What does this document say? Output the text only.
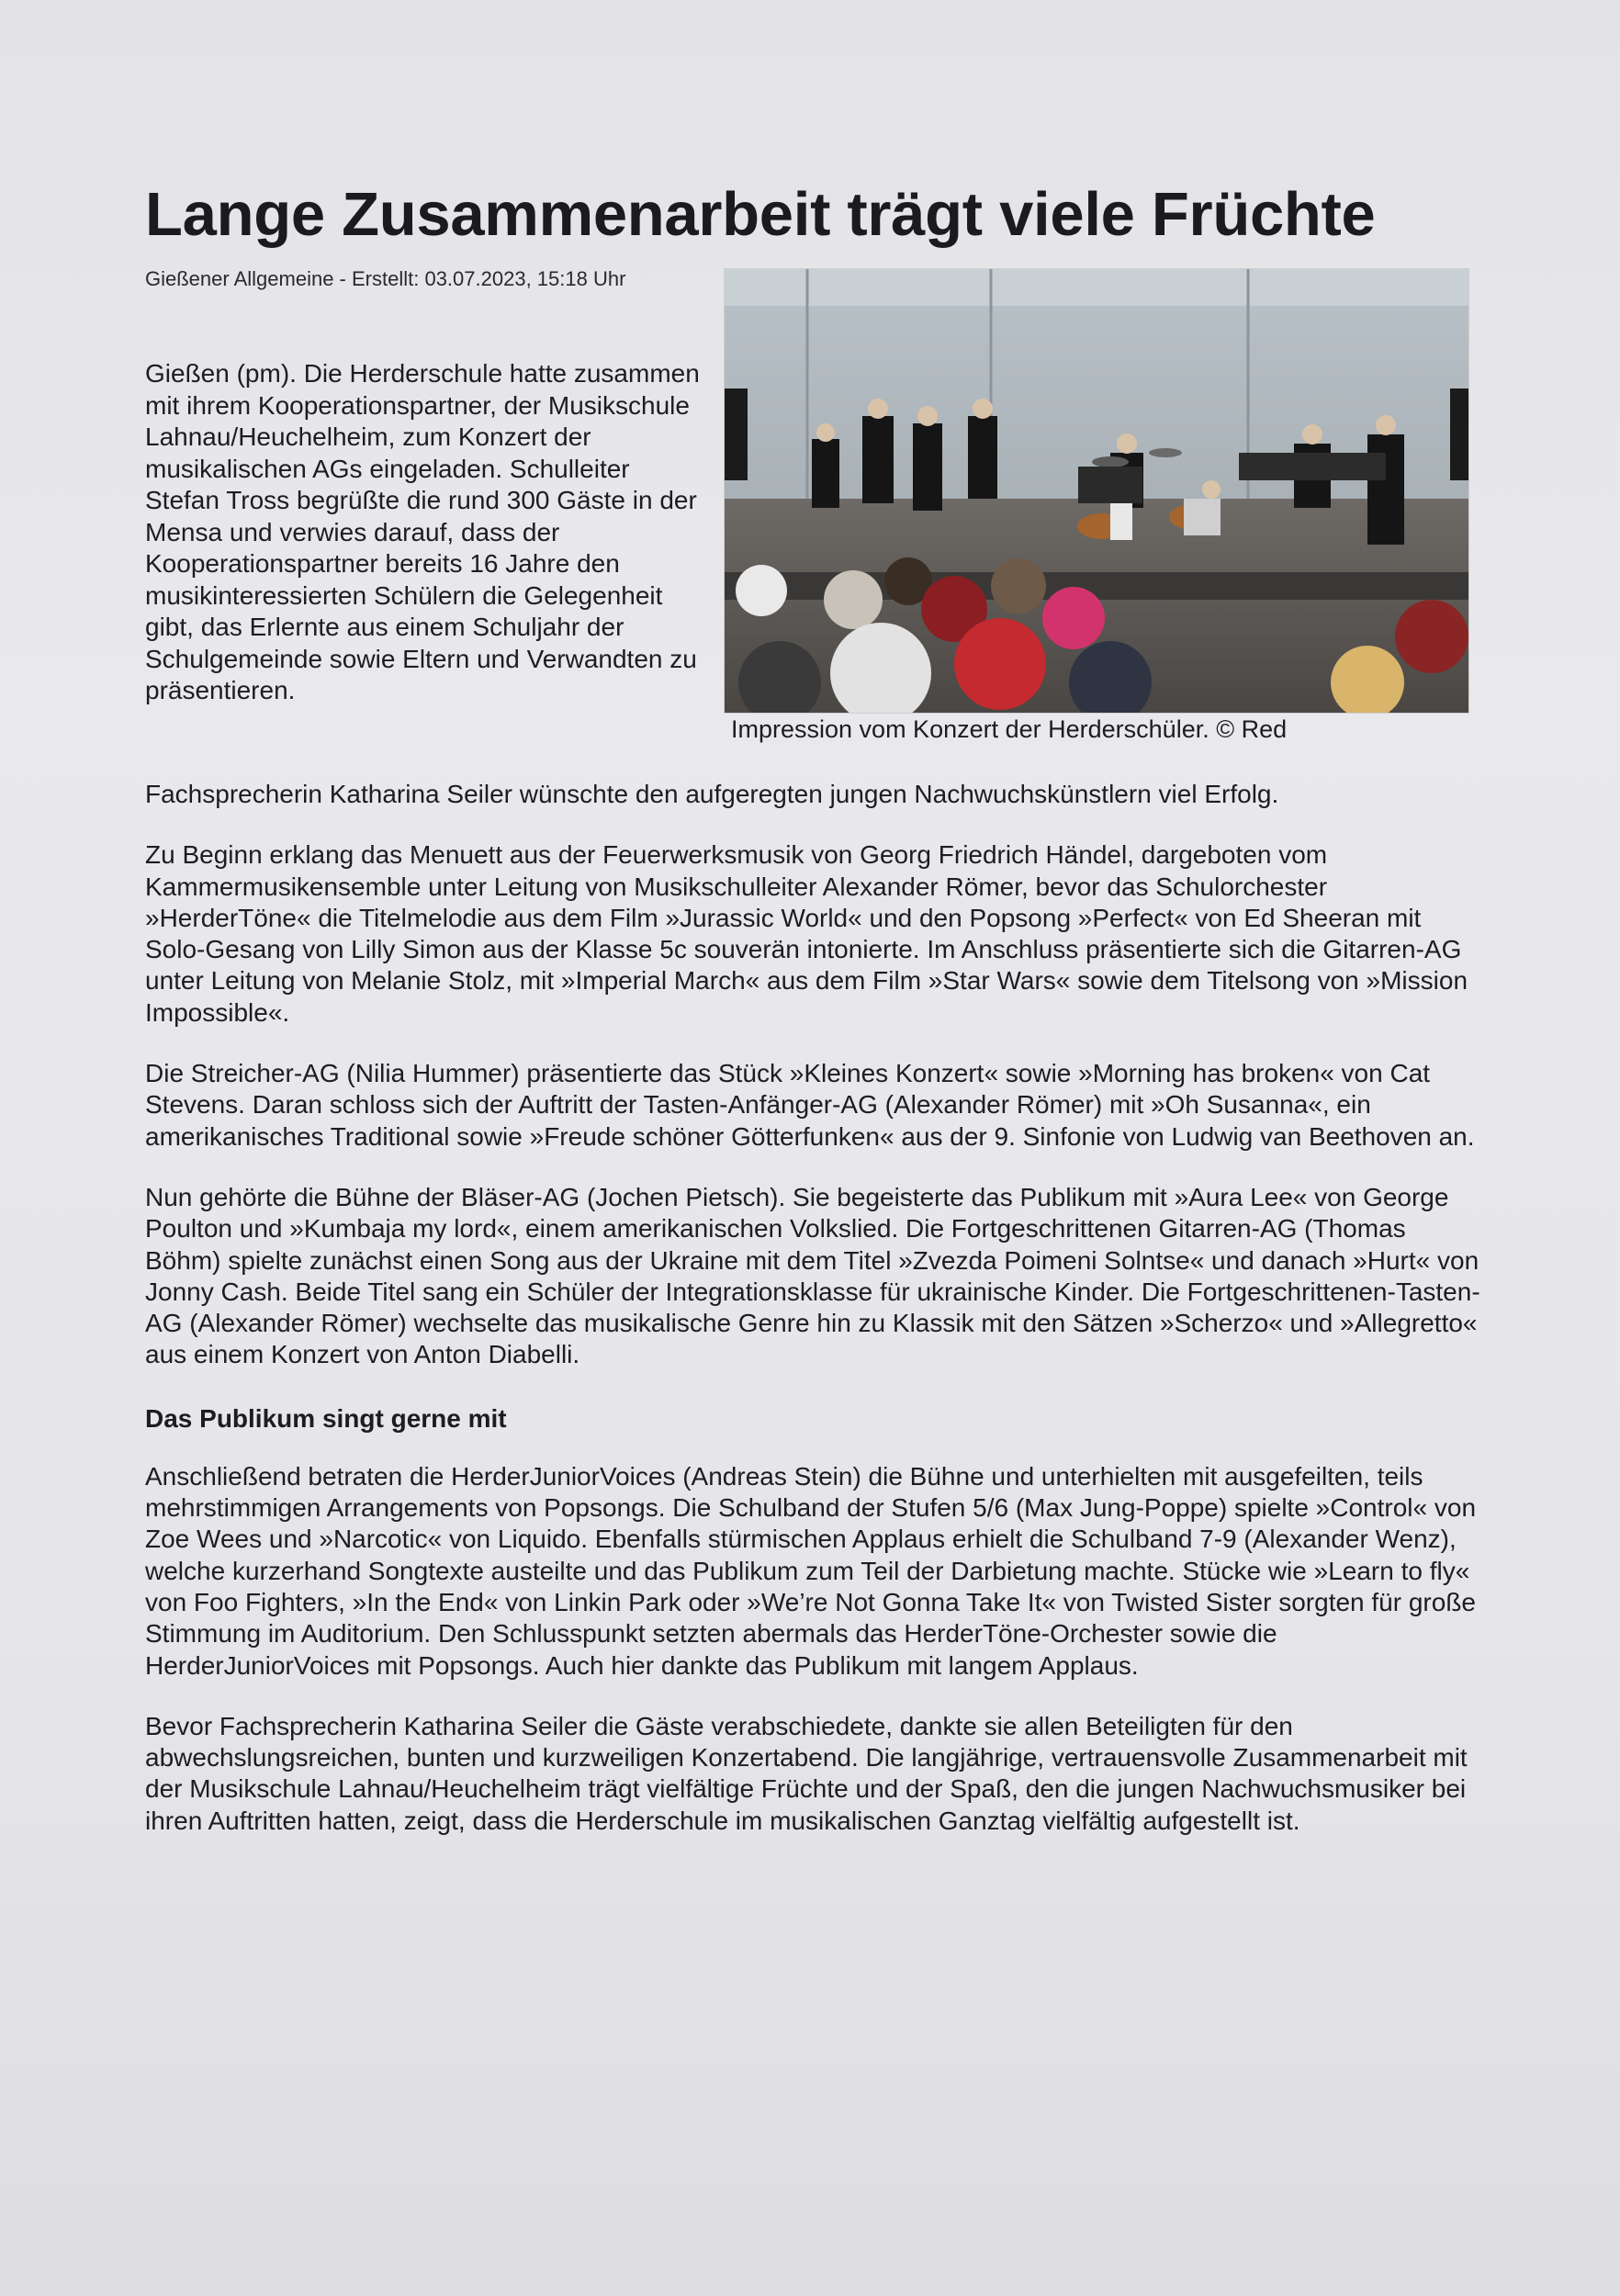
Lange Zusammenarbeit trägt viele Früchte
Gießener Allgemeine - Erstellt: 03.07.2023, 15:18 Uhr
Gießen (pm). Die Herderschule hatte zusammen mit ihrem Kooperationspartner, der Musikschule Lahnau/Heuchelheim, zum Konzert der musikalischen AGs eingeladen. Schulleiter Stefan Tross begrüßte die rund 300 Gäste in der Mensa und verwies darauf, dass der Kooperationspartner bereits 16 Jahre den musikinteressierten Schülern die Gelegenheit gibt, das Erlernte aus einem Schuljahr der Schulgemeinde sowie Eltern und Verwandten zu präsentieren.
Impression vom Konzert der Herderschüler. © Red

Fachsprecherin Katharina Seiler wünschte den aufgeregten jungen Nachwuchskünstlern viel Erfolg.

Zu Beginn erklang das Menuett aus der Feuerwerksmusik von Georg Friedrich Händel, dargeboten vom Kammermusikensemble unter Leitung von Musikschulleiter Alexander Römer, bevor das Schulorchester »HerderTöne« die Titelmelodie aus dem Film »Jurassic World« und den Popsong »Perfect« von Ed Sheeran mit Solo-Gesang von Lilly Simon aus der Klasse 5c souverän intonierte. Im Anschluss präsentierte sich die Gitarren-AG unter Leitung von Melanie Stolz, mit »Imperial March« aus dem Film »Star Wars« sowie dem Titelsong von »Mission Impossible«.

Die Streicher-AG (Nilia Hummer) präsentierte das Stück »Kleines Konzert« sowie »Morning has broken« von Cat Stevens. Daran schloss sich der Auftritt der Tasten-Anfänger-AG (Alexander Römer) mit »Oh Susanna«, ein amerikanisches Traditional sowie »Freude schöner Götterfunken« aus der 9. Sinfonie von Ludwig van Beethoven an.

Nun gehörte die Bühne der Bläser-AG (Jochen Pietsch). Sie begeisterte das Publikum mit »Aura Lee« von George Poulton und »Kumbaja my lord«, einem amerikanischen Volkslied. Die Fortgeschrittenen Gitarren-AG (Thomas Böhm) spielte zunächst einen Song aus der Ukraine mit dem Titel »Zvezda Poimeni Solntse« und danach »Hurt« von Jonny Cash. Beide Titel sang ein Schüler der Integrationsklasse für ukrainische Kinder. Die Fortgeschrittenen-Tasten-AG (Alexander Römer) wechselte das musikalische Genre hin zu Klassik mit den Sätzen »Scherzo« und »Allegretto« aus einem Konzert von Anton Diabelli.

Das Publikum singt gerne mit

Anschließend betraten die HerderJuniorVoices (Andreas Stein) die Bühne und unterhielten mit ausgefeilten, teils mehrstimmigen Arrangements von Popsongs. Die Schulband der Stufen 5/6 (Max Jung-Poppe) spielte »Control« von Zoe Wees und »Narcotic« von Liquido. Ebenfalls stürmischen Applaus erhielt die Schulband 7-9 (Alexander Wenz), welche kurzerhand Songtexte austeilte und das Publikum zum Teil der Darbietung machte. Stücke wie »Learn to fly« von Foo Fighters, »In the End« von Linkin Park oder »We’re Not Gonna Take It« von Twisted Sister sorgten für große Stimmung im Auditorium. Den Schlusspunkt setzten abermals das HerderTöne-Orchester sowie die HerderJuniorVoices mit Popsongs. Auch hier dankte das Publikum mit langem Applaus.

Bevor Fachsprecherin Katharina Seiler die Gäste verabschiedete, dankte sie allen Beteiligten für den abwechslungsreichen, bunten und kurzweiligen Konzertabend. Die langjährige, vertrauensvolle Zusammenarbeit mit der Musikschule Lahnau/Heuchelheim trägt vielfältige Früchte und der Spaß, den die jungen Nachwuchsmusiker bei ihren Auftritten hatten, zeigt, dass die Herderschule im musikalischen Ganztag vielfältig aufgestellt ist.
